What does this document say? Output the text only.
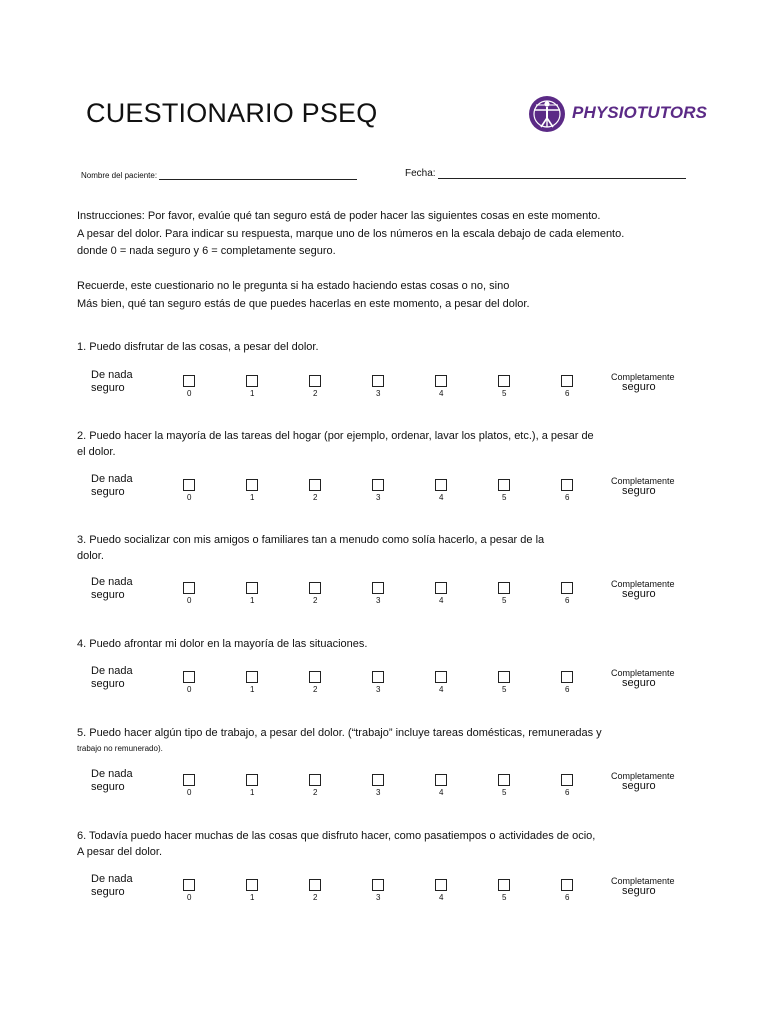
CUESTIONARIO PSEQ	PHYSIOTUTORS
Nombre del paciente:	Fecha:
Instrucciones: Por favor, evalúe qué tan seguro está de poder hacer las siguientes cosas en este momento.
A pesar del dolor. Para indicar su respuesta, marque uno de los números en la escala debajo de cada elemento.
donde 0 = nada seguro y 6 = completamente seguro.
Recuerde, este cuestionario no le pregunta si ha estado haciendo estas cosas o no, sino
Más bien, qué tan seguro estás de que puedes hacerlas en este momento, a pesar del dolor.
1. Puedo disfrutar de las cosas, a pesar del dolor.
De nada
seguro
Completamente
seguro
0	1	2	3	4	5	6
2. Puedo hacer la mayoría de las tareas del hogar (por ejemplo, ordenar, lavar los platos, etc.), a pesar de
el dolor.
De nada
seguro
Completamente
seguro
0	1	2	3	4	5	6
3. Puedo socializar con mis amigos o familiares tan a menudo como solía hacerlo, a pesar de la
dolor.
De nada
seguro
Completamente
seguro
0	1	2	3	4	5	6
4. Puedo afrontar mi dolor en la mayoría de las situaciones.
De nada
seguro
Completamente
seguro
0	1	2	3	4	5	6
5. Puedo hacer algún tipo de trabajo, a pesar del dolor. (“trabajo” incluye tareas domésticas, remuneradas y
trabajo no remunerado).
De nada
seguro
Completamente
seguro
0	1	2	3	4	5	6
6. Todavía puedo hacer muchas de las cosas que disfruto hacer, como pasatiempos o actividades de ocio,
A pesar del dolor.
De nada
seguro
Completamente
seguro
0	1	2	3	4	5	6
